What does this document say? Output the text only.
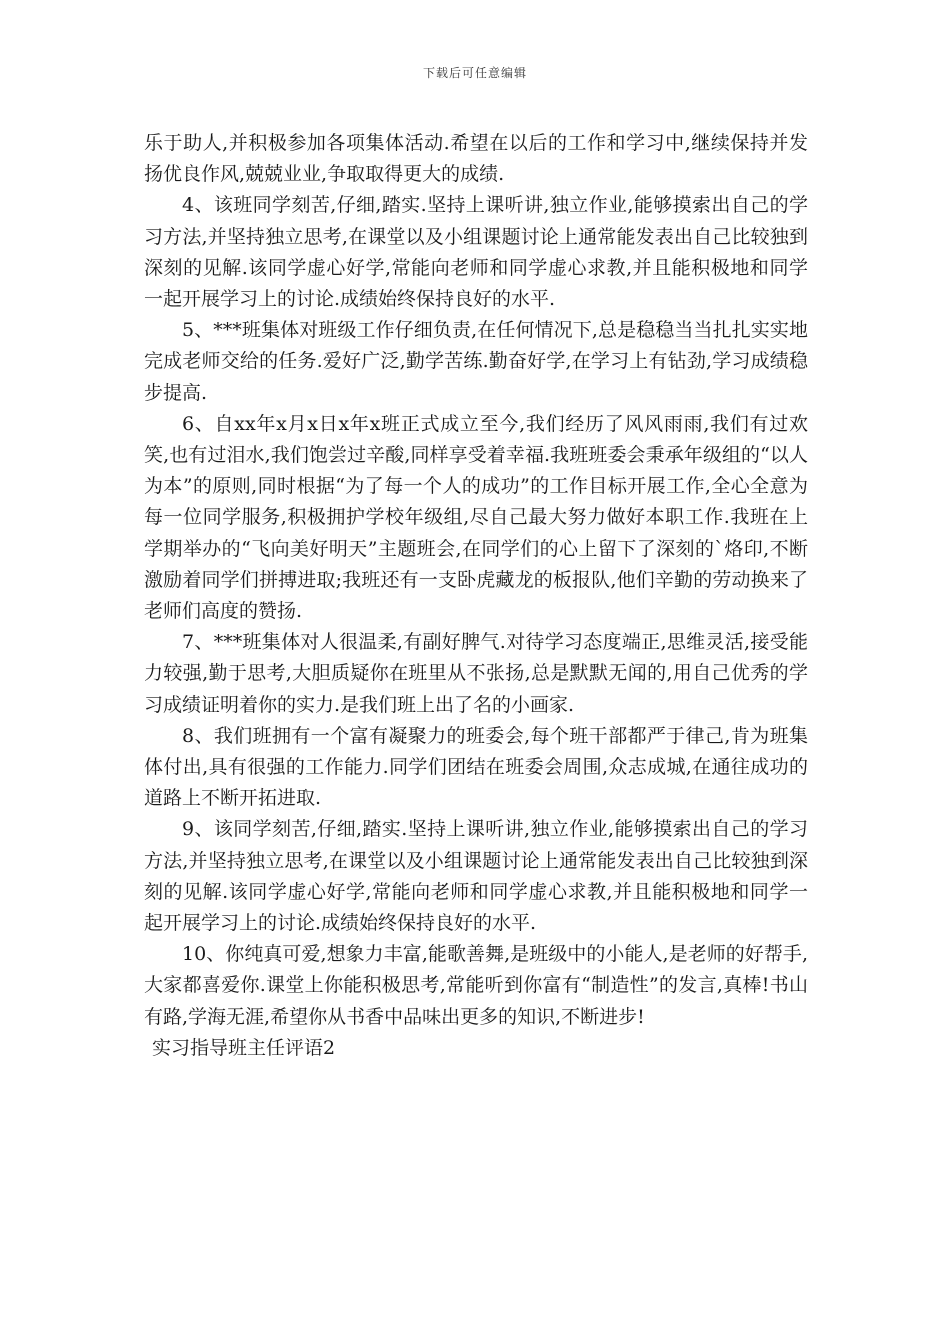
下载后可任意编辑

乐于助人,并积极参加各项集体活动.希望在以后的工作和学习中,继续保持并发扬优良作风,兢兢业业,争取取得更大的成绩.

4、该班同学刻苦,仔细,踏实.坚持上课听讲,独立作业,能够摸索出自己的学习方法,并坚持独立思考,在课堂以及小组课题讨论上通常能发表出自己比较独到深刻的见解.该同学虚心好学,常能向老师和同学虚心求教,并且能积极地和同学一起开展学习上的讨论.成绩始终保持良好的水平.

5、***班集体对班级工作仔细负责,在任何情况下,总是稳稳当当扎扎实实地完成老师交给的任务.爱好广泛,勤学苦练.勤奋好学,在学习上有钻劲,学习成绩稳步提高.

6、自xx年x月x日x年x班正式成立至今,我们经历了风风雨雨,我们有过欢笑,也有过泪水,我们饱尝过辛酸,同样享受着幸福.我班班委会秉承年级组的“以人为本”的原则,同时根据“为了每一个人的成功”的工作目标开展工作,全心全意为每一位同学服务,积极拥护学校年级组,尽自己最大努力做好本职工作.我班在上学期举办的“飞向美好明天”主题班会,在同学们的心上留下了深刻的`烙印,不断激励着同学们拼搏进取;我班还有一支卧虎藏龙的板报队,他们辛勤的劳动换来了老师们高度的赞扬.

7、***班集体对人很温柔,有副好脾气.对待学习态度端正,思维灵活,接受能力较强,勤于思考,大胆质疑你在班里从不张扬,总是默默无闻的,用自己优秀的学习成绩证明着你的实力.是我们班上出了名的小画家.

8、我们班拥有一个富有凝聚力的班委会,每个班干部都严于律己,肯为班集体付出,具有很强的工作能力.同学们团结在班委会周围,众志成城,在通往成功的道路上不断开拓进取.

9、该同学刻苦,仔细,踏实.坚持上课听讲,独立作业,能够摸索出自己的学习方法,并坚持独立思考,在课堂以及小组课题讨论上通常能发表出自己比较独到深刻的见解.该同学虚心好学,常能向老师和同学虚心求教,并且能积极地和同学一起开展学习上的讨论.成绩始终保持良好的水平.

10、你纯真可爱,想象力丰富,能歌善舞,是班级中的小能人,是老师的好帮手,大家都喜爱你.课堂上你能积极思考,常能听到你富有“制造性”的发言,真棒!书山有路,学海无涯,希望你从书香中品味出更多的知识,不断进步!

实习指导班主任评语2
